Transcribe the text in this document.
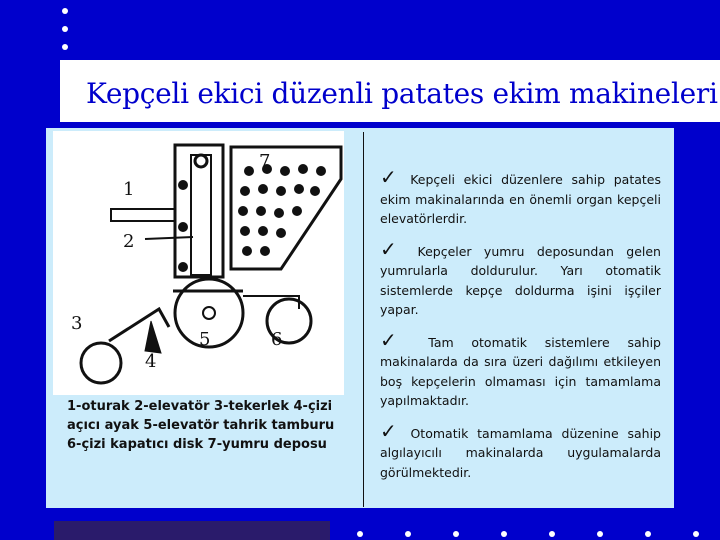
Kepçeli ekici düzenli patates ekim makineleri
1
2
3
4
5	6
7
1-oturak 2-elevatör 3-tekerlek 4-çizi
açıcı ayak 5-elevatör tahrik tamburu
6-çizi kapatıcı disk 7-yumru deposu
✓ Kepçeli ekici düzenlere sahip patates ekim makinalarında en önemli organ kepçeli elevatörlerdir.
✓ Kepçeler yumru deposundan gelen yumrularla doldurulur. Yarı otomatik sistemlerde kepçe doldurma işini işçiler yapar.
✓ Tam otomatik sistemlere sahip makinalarda da sıra üzeri dağılımı etkileyen boş kepçelerin olmaması için tamamlama yapılmaktadır.
✓ Otomatik tamamlama düzenine sahip algılayıcılı makinalarda uygulamalarda görülmektedir.
